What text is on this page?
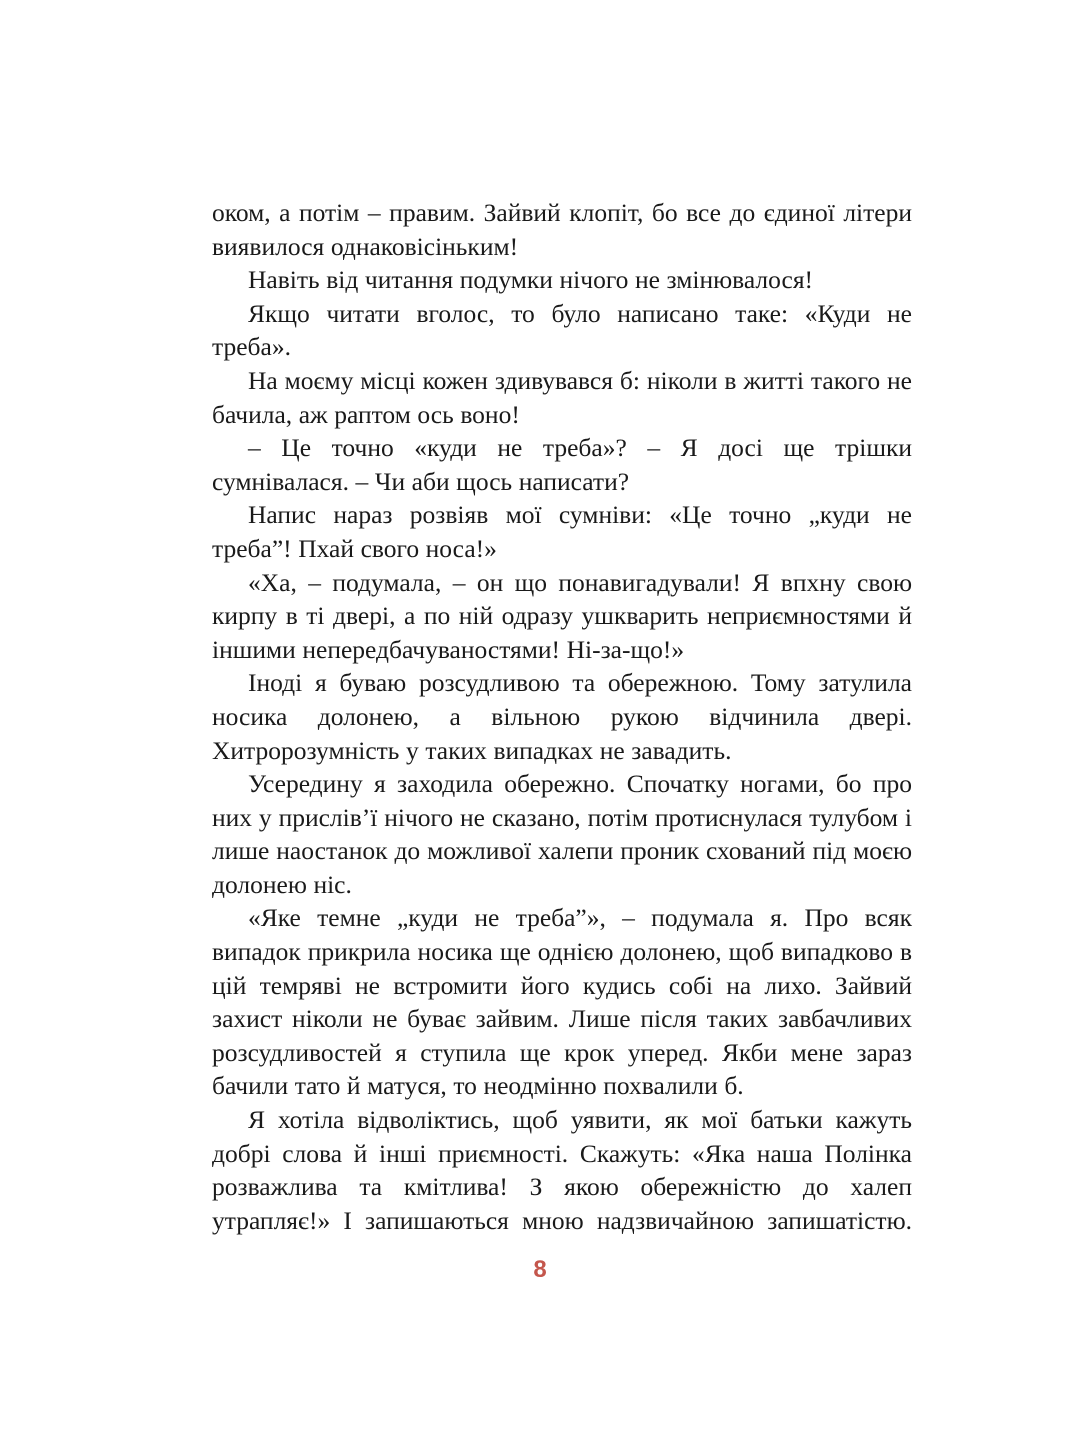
оком, а потім – правим. Зайвий клопіт, бо все до єдиної літери виявилося однаковісіньким!

Навіть від читання подумки нічого не змінювалося!

Якщо читати вголос, то було написано таке: «Куди не треба».

На моєму місці кожен здивувався б: ніколи в житті такого не бачила, аж раптом ось воно!

– Це точно «куди не треба»? – Я досі ще трішки сумнівалася. – Чи аби щось написати?

Напис нараз розвіяв мої сумніви: «Це точно „куди не треба”! Пхай свого носа!»

«Ха, – подумала, – он що понавигадували! Я впхну свою кирпу в ті двері, а по ній одразу ушкварить неприємностями й іншими непередбачуваностями! Ні-за-що!»

Іноді я буваю розсудливою та обережною. Тому затулила носика долонею, а вільною рукою відчинила двері. Хитророзумність у таких випадках не завадить.

Усередину я заходила обережно. Спочатку ногами, бо про них у прислів’ї нічого не сказано, потім протиснулася тулубом і лише наостанок до можливої халепи проник схований під моєю долонею ніс.

«Яке темне „куди не треба”», – подумала я. Про всяк випадок прикрила носика ще однією долонею, щоб випадково в цій темряві не встромити його кудись собі на лихо. Зайвий захист ніколи не буває зайвим. Лише після таких завбачливих розсудливостей я ступила ще крок уперед. Якби мене зараз бачили тато й матуся, то неодмінно похвалили б.

Я хотіла відволіктись, щоб уявити, як мої батьки кажуть добрі слова й інші приємності. Скажуть: «Яка наша Полінка розважлива та кмітлива! З якою обережністю до халеп утрапляє!» І запишаються мною надзвичайною запишатістю.

8
